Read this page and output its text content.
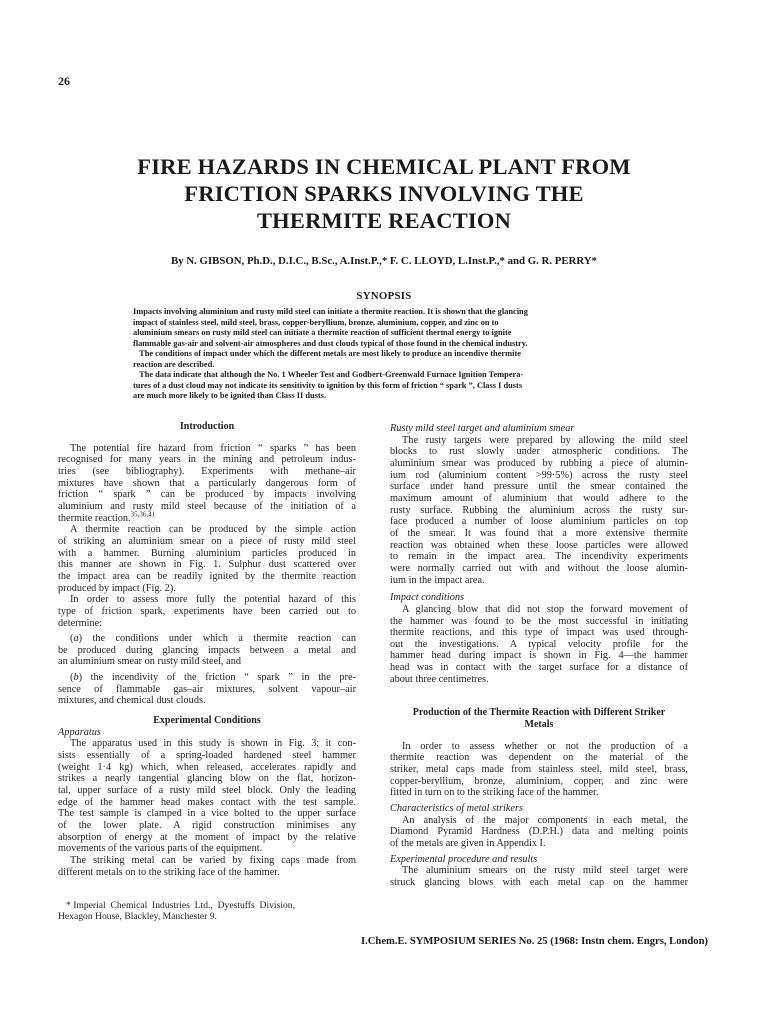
26
FIRE HAZARDS IN CHEMICAL PLANT FROM
FRICTION SPARKS INVOLVING THE
THERMITE REACTION
By N. GIBSON, Ph.D., D.I.C., B.Sc., A.Inst.P.,* F. C. LLOYD, L.Inst.P.,* and G. R. PERRY*
SYNOPSIS
Impacts involving aluminium and rusty mild steel can initiate a thermite reaction. It is shown that the glancing
impact of stainless steel, mild steel, brass, copper-beryllium, bronze, aluminium, copper, and zinc on to
aluminium smears on rusty mild steel can initiate a thermite reaction of sufficient thermal energy to ignite
flammable gas-air and solvent-air atmospheres and dust clouds typical of those found in the chemical industry.
The conditions of impact under which the different metals are most likely to produce an incendive thermite
reaction are described.
The data indicate that although the No. 1 Wheeler Test and Godbert-Greenwald Furnace Ignition Tempera-
tures of a dust cloud may not indicate its sensitivity to ignition by this form of friction “ spark ”, Class I dusts
are much more likely to be ignited than Class II dusts.
Introduction
The potential fire hazard from friction “ sparks ” has been
recognised for many years in the mining and petroleum indus-
tries (see bibliography). Experiments with methane–air
mixtures have shown that a particularly dangerous form of
friction “ spark ” can be produced by impacts involving
aluminium and rusty mild steel because of the initiation of a
thermite reaction.$^{35,36,41}$
A thermite reaction can be produced by the simple action
of striking an aluminium smear on a piece of rusty mild steel
with a hammer. Burning aluminium particles produced in
this manner are shown in Fig. 1. Sulphur dust scattered over
the impact area can be readily ignited by the thermite reaction
produced by impact (Fig. 2).
In order to assess more fully the potential hazard of this
type of friction spark, experiments have been carried out to
determine:
(a) the conditions under which a thermite reaction can
be produced during glancing impacts between a metal and
an aluminium smear on rusty mild steel, and
(b) the incendivity of the friction “ spark ” in the pre-
sence of flammable gas–air mixtures, solvent vapour–air
mixtures, and chemical dust clouds.
Experimental Conditions
Apparatus
The apparatus used in this study is shown in Fig. 3; it con-
sists essentially of a spring-loaded hardened steel hammer
(weight 1·4 kg) which, when released, accelerates rapidly and
strikes a nearly tangential glancing blow on the flat, horizon-
tal, upper surface of a rusty mild steel block. Only the leading
edge of the hammer head makes contact with the test sample.
The test sample is clamped in a vice bolted to the upper surface
of the lower plate. A rigid construction minimises any
absorption of energy at the moment of impact by the relative
movements of the various parts of the equipment.
The striking metal can be varied by fixing caps made from
different metals on to the striking face of the hammer.
* Imperial  Chemical  Industries  Ltd.,  Dyestuffs  Division,
Hexagon House, Blackley, Manchester 9.
Rusty mild steel target and aluminium smear
The rusty targets were prepared by allowing the mild steel
blocks to rust slowly under atmospheric conditions. The
aluminium smear was produced by rubbing a piece of alumin-
ium rod (aluminium content >99·5%) across the rusty steel
surface under hand pressure until the smear contained the
maximum amount of aluminium that would adhere to the
rusty surface. Rubbing the aluminium across the rusty sur-
face produced a number of loose aluminium particles on top
of the smear. It was found that a more extensive thermite
reaction was obtained when these loose particles were allowed
to remain in the impact area. The incendivity experiments
were normally carried out with and without the loose alumin-
ium in the impact area.
Impact conditions
A glancing blow that did not stop the forward movement of
the hammer was found to be the most successful in initiating
thermite reactions, and this type of impact was used through-
out the investigations. A typical velocity profile for the
hammer head during impact is shown in Fig. 4—the hammer
head was in contact with the target surface for a distance of
about three centimetres.
Production of the Thermite Reaction with Different Striker
Metals
In order to assess whether or not the production of a
thermite reaction was dependent on the material of the
striker, metal caps made from stainless steel, mild steel, brass,
copper-beryllium, bronze, aluminium, copper, and zinc were
fitted in turn on to the striking face of the hammer.
Characteristics of metal strikers
An analysis of the major components in each metal, the
Diamond Pyramid Hardness (D.P.H.) data and melting points
of the metals are given in Appendix I.
Experimental procedure and results
The aluminium smears on the rusty mild steel target were
struck glancing blows with each metal cap on the hammer
I.Chem.E. SYMPOSIUM SERIES No. 25 (1968: Instn chem. Engrs, London)
